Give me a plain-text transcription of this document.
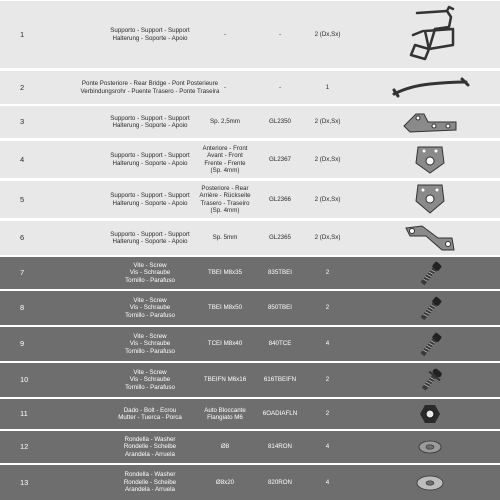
1	Supporto - Support - Support
Halterung - Soporte - Apoio
-	-	2 (Dx,Sx)
2	Ponte Posteriore - Rear Bridge - Pont Posterieure
Verbindungsrohr - Puente Trasero - Ponte Traseira
-	-	1
3	Supporto - Support - Support
Halterung - Soporte - Apoio
Sp. 2,5mm	GL2350	2 (Dx,Sx)
4	Supporto - Support - Support
Halterung - Soporte - Apoio
Anteriore - Front
Avant - Front
Frente - Frente
(Sp. 4mm)
GL2367	2 (Dx,Sx)
5	Supporto - Support - Support
Halterung - Soporte - Apoio
Posteriore - Rear
Arrière - Rückseite
Trasero - Traseiro
(Sp. 4mm)
GL2366	2 (Dx,Sx)
6	Supporto - Support - Support
Halterung - Soporte - Apoio
Sp. 5mm	GL2365	2 (Dx,Sx)
7
Vite - Screw
Vis - Schraube
Tornillo - Parafuso
TBEI M8x35	835TBEI	2
8
Vite - Screw
Vis - Schraube
Tornillo - Parafuso
TBEI M8x50	850TBEI	2
9
Vite - Screw
Vis - Schraube
Tornillo - Parafuso
TCEI M8x40	840TCE	4
10
Vite - Screw
Vis - Schraube
Tornillo - Parafuso
TBEIFN M6x16	616TBEIFN	2
11	Dado - Bolt - Ecrou
Mutter - Tuerca - Porca
Auto Bloccante
Flangiato M6
6OADIAFLN	2
12
Rondella - Washer
Rondelle - Scheibe
Arandela - Arruela
Ø8	814RON	4
13
Rondella - Washer
Rondelle - Scheibe
Arandela - Arruela
Ø8x20	820RON	4
